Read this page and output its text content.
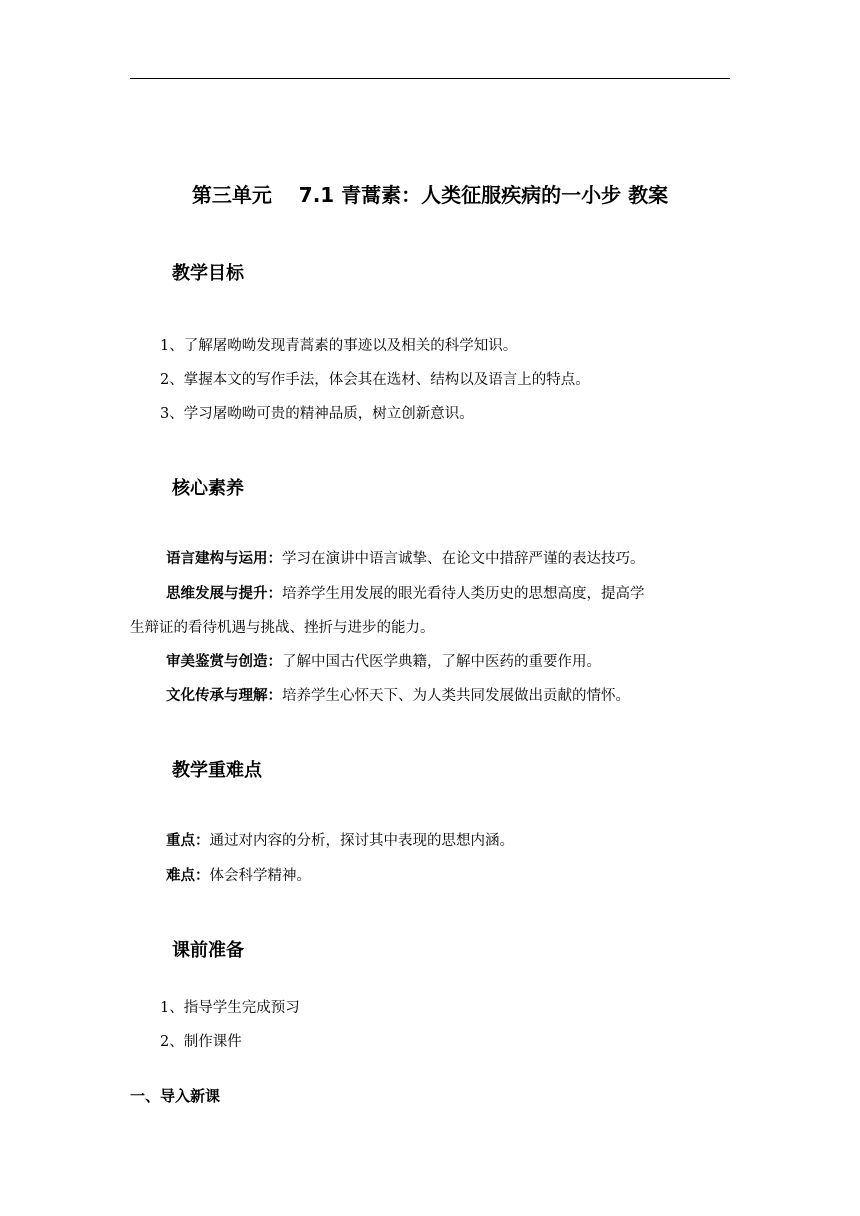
第三单元　 7.1 青蒿素：人类征服疾病的一小步 教案
教学目标
1、了解屠呦呦发现青蒿素的事迹以及相关的科学知识。
2、掌握本文的写作手法，体会其在选材、结构以及语言上的特点。
3、学习屠呦呦可贵的精神品质，树立创新意识。
核心素养
语言建构与运用：学习在演讲中语言诚挚、在论文中措辞严谨的表达技巧。
思维发展与提升：培养学生用发展的眼光看待人类历史的思想高度，提高学
生辩证的看待机遇与挑战、挫折与进步的能力。
审美鉴赏与创造：了解中国古代医学典籍，了解中医药的重要作用。
文化传承与理解：培养学生心怀天下、为人类共同发展做出贡献的情怀。
教学重难点
重点：通过对内容的分析，探讨其中表现的思想内涵。
难点：体会科学精神。
课前准备
1、指导学生完成预习
2、制作课件
一、导入新课
